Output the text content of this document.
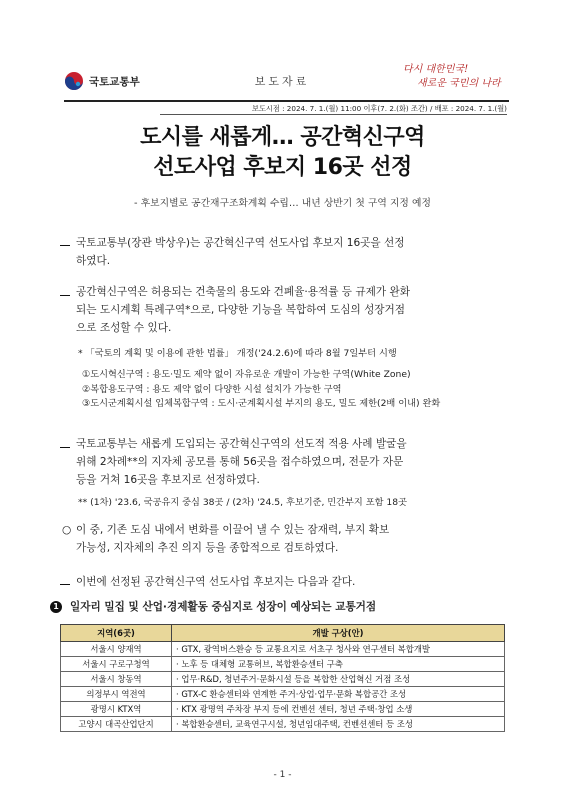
국토교통부	보도자료
다시 대한민국!
새로운 국민의 나라
보도시점 : 2024. 7. 1.(월) 11:00 이후(7. 2.(화) 조간) / 배포 : 2024. 7. 1.(월)
도시를 새롭게… 공간혁신구역
선도사업 후보지 16곳 선정
- 후보지별로 공간재구조화계획 수립… 내년 상반기 첫 구역 지정 예정
국토교통부(장관 박상우)는 공간혁신구역 선도사업 후보지 16곳을 선정
하였다.
공간혁신구역은 허용되는 건축물의 용도와 건폐율·용적률 등 규제가 완화
되는 도시계획 특례구역*으로, 다양한 기능을 복합하여 도심의 성장거점
으로 조성할 수 있다.
* 「국토의 계획 및 이용에 관한 법률」 개정('24.2.6)에 따라 8월 7일부터 시행
①도시혁신구역 : 용도·밀도 제약 없이 자유로운 개발이 가능한 구역(White Zone)
②복합용도구역 : 용도 제약 없이 다양한 시설 설치가 가능한 구역
③도시군계획시설 입체복합구역 : 도시·군계획시설 부지의 용도, 밀도 제한(2배 이내) 완화
국토교통부는 새롭게 도입되는 공간혁신구역의 선도적 적용 사례 발굴을
위해 2차례**의 지자체 공모를 통해 56곳을 접수하였으며, 전문가 자문
등을 거쳐 16곳을 후보지로 선정하였다.
** (1차) '23.6, 국공유지 중심 38곳 / (2차) '24.5, 후보기준, 민간부지 포함 18곳
○ 이 중, 기존 도심 내에서 변화를 이끌어 낼 수 있는 잠재력, 부지 확보
가능성, 지자체의 추진 의지 등을 종합적으로 검토하였다.
이번에 선정된 공간혁신구역 선도사업 후보지는 다음과 같다.
1	일자리 밀집 및 산업·경제활동 중심지로 성장이 예상되는 교통거점
지역(6곳)	개발 구상(안)
서울시 양재역	· GTX, 광역버스환승 등 교통요지로 서초구 청사와 연구센터 복합개발
서울시 구로구청역	· 노후 등 대체형 교통허브, 복합환승센터 구축
서울시 창동역	· 업무·R&D, 청년주거·문화시설 등을 복합한 산업혁신 거점 조성
의정부시 역전역	· GTX-C 환승센터와 연계한 주거·상업·업무·문화 복합공간 조성
광명시 KTX역	· KTX 광명역 주차장 부지 등에 컨벤션 센터, 청년 주택·창업 소생
고양시 대곡산업단지	· 복합환승센터, 교육연구시설, 청년임대주택, 컨벤션센터 등 조성
- 1 -
